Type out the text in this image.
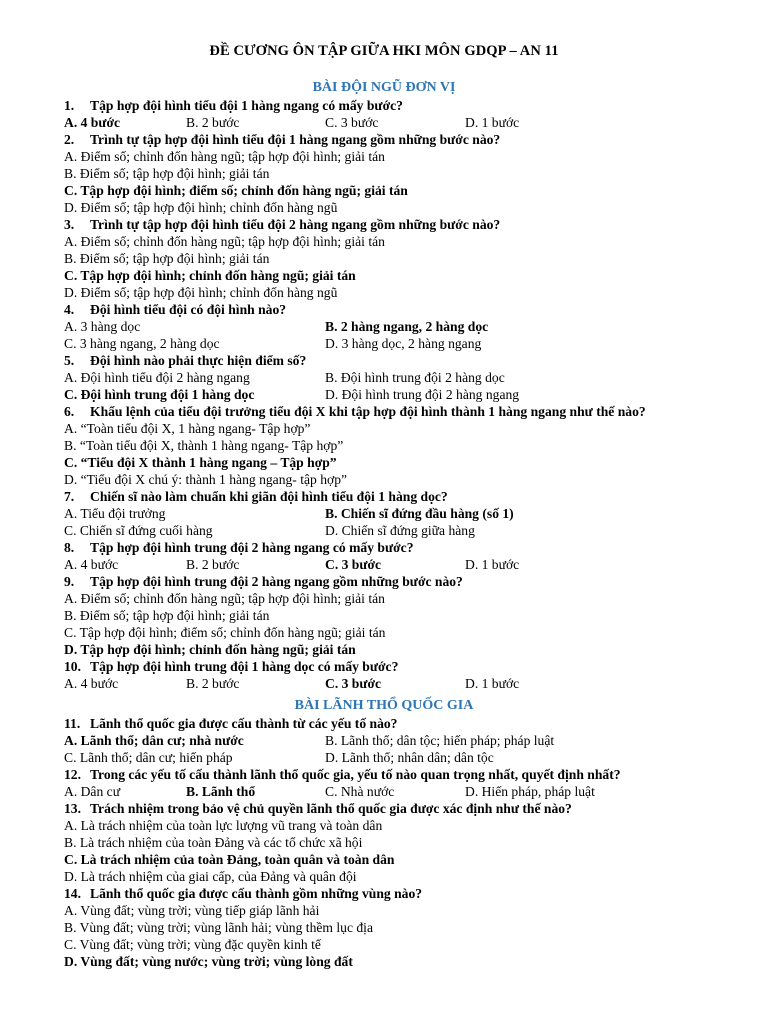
ĐỀ CƯƠNG ÔN TẬP GIỮA HKI MÔN GDQP – AN 11
BÀI ĐỘI NGŨ ĐƠN VỊ
1. Tập hợp đội hình tiểu đội 1 hàng ngang có mấy bước?
A. 4 bước	B. 2 bước	C. 3 bước	D. 1 bước
2. Trình tự tập hợp đội hình tiểu đội 1 hàng ngang gồm những bước nào?
A. Điểm số; chỉnh đốn hàng ngũ; tập hợp đội hình; giải tán
B. Điểm số; tập hợp đội hình; giải tán
C. Tập hợp đội hình; điểm số; chỉnh đốn hàng ngũ; giải tán
D. Điểm số; tập hợp đội hình; chỉnh đốn hàng ngũ
3. Trình tự tập hợp đội hình tiểu đội 2 hàng ngang gồm những bước nào?
A. Điểm số; chỉnh đốn hàng ngũ; tập hợp đội hình; giải tán
B. Điểm số; tập hợp đội hình; giải tán
C. Tập hợp đội hình; chỉnh đốn hàng ngũ; giải tán
D. Điểm số; tập hợp đội hình; chỉnh đốn hàng ngũ
4. Đội hình tiểu đội có đội hình nào?
A. 3 hàng dọc	B. 2 hàng ngang, 2 hàng dọc
C. 3 hàng ngang, 2 hàng dọc	D. 3 hàng dọc, 2 hàng ngang
5. Đội hình nào phải thực hiện điểm số?
A. Đội hình tiểu đội 2 hàng ngang	B. Đội hình trung đội 2 hàng dọc
C. Đội hình trung đội 1 hàng dọc	D. Đội hình trung đội 2 hàng ngang
6. Khẩu lệnh của tiểu đội trưởng tiểu đội X khi tập hợp đội hình thành 1 hàng ngang như thế nào?
A. “Toàn tiểu đội X, 1 hàng ngang- Tập hợp”
B. “Toàn tiểu đội X, thành 1 hàng ngang- Tập hợp”
C. “Tiểu đội X thành 1 hàng ngang – Tập hợp”
D. “Tiểu đội X chú ý: thành 1 hàng ngang- tập hợp”
7. Chiến sĩ nào làm chuẩn khi giãn đội hình tiểu đội 1 hàng dọc?
A. Tiểu đội trưởng	B. Chiến sĩ đứng đầu hàng (số 1)
C. Chiến sĩ đứng cuối hàng	D. Chiến sĩ đứng giữa hàng
8. Tập hợp đội hình trung đội 2 hàng ngang có mấy bước?
A. 4 bước	B. 2 bước	C. 3 bước	D. 1 bước
9. Tập hợp đội hình trung đội 2 hàng ngang gồm những bước nào?
A. Điểm số; chỉnh đốn hàng ngũ; tập hợp đội hình; giải tán
B. Điểm số; tập hợp đội hình; giải tán
C. Tập hợp đội hình; điểm số; chỉnh đốn hàng ngũ; giải tán
D. Tập hợp đội hình; chỉnh đốn hàng ngũ; giải tán
10. Tập hợp đội hình trung đội 1 hàng dọc có mấy bước?
A. 4 bước	B. 2 bước	C. 3 bước	D. 1 bước
BÀI LÃNH THỔ QUỐC GIA
11. Lãnh thổ quốc gia được cấu thành từ các yếu tố nào?
A. Lãnh thổ; dân cư; nhà nước	B. Lãnh thổ; dân tộc; hiến pháp; pháp luật
C. Lãnh thổ; dân cư; hiến pháp	D. Lãnh thổ; nhân dân; dân tộc
12. Trong các yếu tố cấu thành lãnh thổ quốc gia, yếu tố nào quan trọng nhất, quyết định nhất?
A. Dân cư	B. Lãnh thổ	C. Nhà nước	D. Hiến pháp, pháp luật
13. Trách nhiệm trong bảo vệ chủ quyền lãnh thổ quốc gia được xác định như thế nào?
A. Là trách nhiệm của toàn lực lượng vũ trang và toàn dân
B. Là trách nhiệm của toàn Đảng và các tổ chức xã hội
C. Là trách nhiệm của toàn Đảng, toàn quân và toàn dân
D. Là trách nhiệm của giai cấp, của Đảng và quân đội
14. Lãnh thổ quốc gia được cấu thành gồm những vùng nào?
A. Vùng đất; vùng trời; vùng tiếp giáp lãnh hải
B. Vùng đất; vùng trời; vùng lãnh hải; vùng thềm lục địa
C. Vùng đất; vùng trời; vùng đặc quyền kinh tế
D. Vùng đất; vùng nước; vùng trời; vùng lòng đất
